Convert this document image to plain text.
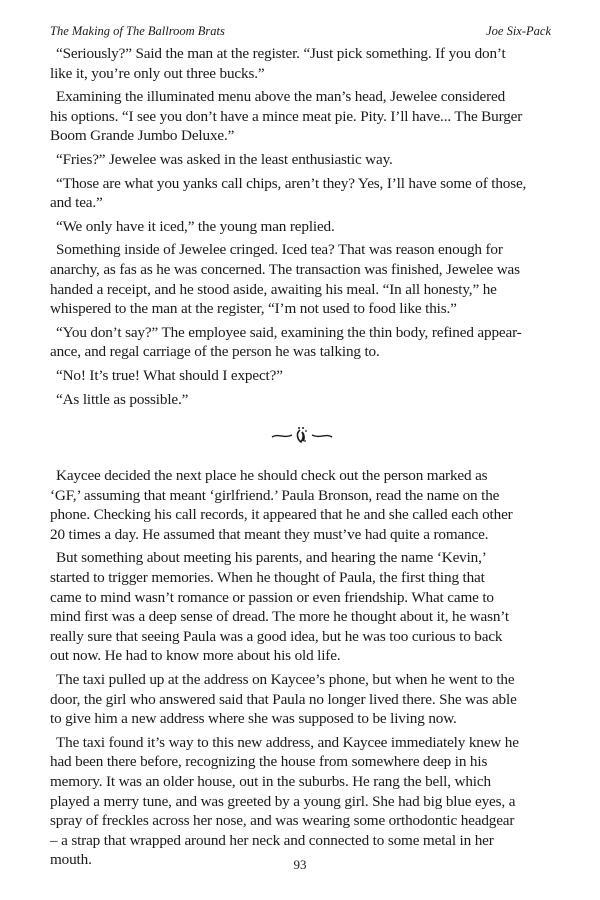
The Making of The Ballroom Brats	Joe Six-Pack

“Seriously?” Said the man at the register. “Just pick something. If you don’t
like it, you’re only out three bucks.”

Examining the illuminated menu above the man’s head, Jewelee considered
his options. “I see you don’t have a mince meat pie. Pity. I’ll have... The Burger
Boom Grande Jumbo Deluxe.”

“Fries?” Jewelee was asked in the least enthusiastic way.

“Those are what you yanks call chips, aren’t they? Yes, I’ll have some of those,
and tea.”

“We only have it iced,” the young man replied.

Something inside of Jewelee cringed. Iced tea? That was reason enough for
anarchy, as fas as he was concerned. The transaction was finished, Jewelee was
handed a receipt, and he stood aside, awaiting his meal. “In all honesty,” he
whispered to the man at the register, “I’m not used to food like this.”

“You don’t say?” The employee said, examining the thin body, refined appear-
ance, and regal carriage of the person he was talking to.

“No! It’s true! What should I expect?”

“As little as possible.”

Kaycee decided the next place he should check out the person marked as
‘GF,’ assuming that meant ‘girlfriend.’ Paula Bronson, read the name on the
phone. Checking his call records, it appeared that he and she called each other
20 times a day. He assumed that meant they must’ve had quite a romance.

But something about meeting his parents, and hearing the name ‘Kevin,’
started to trigger memories. When he thought of Paula, the first thing that
came to mind wasn’t romance or passion or even friendship. What came to
mind first was a deep sense of dread. The more he thought about it, he wasn’t
really sure that seeing Paula was a good idea, but he was too curious to back
out now. He had to know more about his old life.

The taxi pulled up at the address on Kaycee’s phone, but when he went to the
door, the girl who answered said that Paula no longer lived there. She was able
to give him a new address where she was supposed to be living now.

The taxi found it’s way to this new address, and Kaycee immediately knew he
had been there before, recognizing the house from somewhere deep in his
memory. It was an older house, out in the suburbs. He rang the bell, which
played a merry tune, and was greeted by a young girl. She had big blue eyes, a
spray of freckles across her nose, and was wearing some orthodontic headgear
– a strap that wrapped around her neck and connected to some metal in her
mouth.	93
